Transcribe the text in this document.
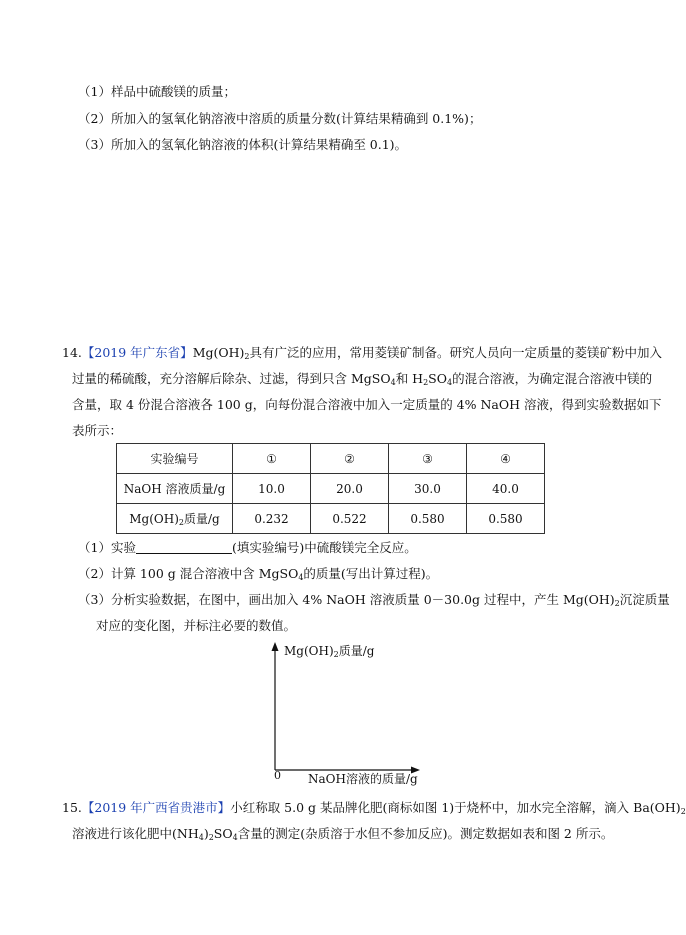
（1）样品中硫酸镁的质量；
（2）所加入的氢氧化钠溶液中溶质的质量分数(计算结果精确到 0.1%)；
（3）所加入的氢氧化钠溶液的体积(计算结果精确至 0.1)。
14.【2019 年广东省】$Mg(OH)_2$具有广泛的应用，常用菱镁矿制备。研究人员向一定质量的菱镁矿粉中加入
过量的稀硫酸，充分溶解后除杂、过滤，得到只含 MgSO$_4$和 $H_2SO_4$的混合溶液，为确定混合溶液中镁的
含量，取 4 份混合溶液各 100 g，向每份混合溶液中加入一定质量的 4% NaOH 溶液，得到实验数据如下
表所示：
实验编号	①	②	③	④
NaOH 溶液质量/g	10.0	20.0	30.0	40.0
$Mg(OH)_2$质量/g	0.232	0.522	0.580	0.580
（1）实验	(填实验编号)中硫酸镁完全反应。
（2）计算 100 g 混合溶液中含 MgSO$_4$的质量(写出计算过程)。
（3）分析实验数据，在图中，画出加入 4% NaOH 溶液质量 0－30.0g 过程中，产生 $Mg(OH)_2$沉淀质量
对应的变化图，并标注必要的数值。
$Mg(OH)_2$质量/g
0 NaOH溶液的质量/g
15.【2019 年广西省贵港市】小红称取 5.0 g 某品牌化肥(商标如图 1)于烧杯中，加水完全溶解，滴入 $Ba(OH)_2$
溶液进行该化肥中$(NH_4)_2SO_4$含量的测定(杂质溶于水但不参加反应)。测定数据如表和图 2 所示。
